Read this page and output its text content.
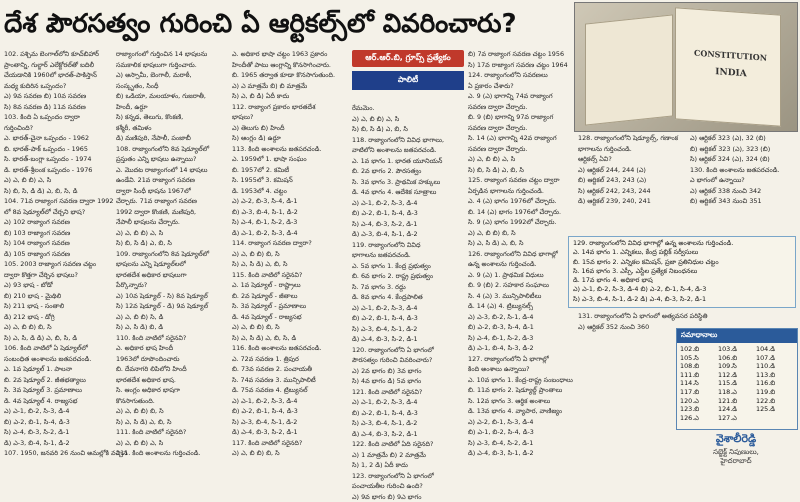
దేశ పౌరసత్వం గురించి ఏ ఆర్టికల్స్‌లో వివరించారు?
CONSTITUTION
INDIA

102. పశ్చిమ బెంగాల్‌లోని కూచ్‌బిహార్

ప్రాంతాన్ని, గుల్జార్ ఎలేక్టోరల్‌తో బదిలీ

చేయడానికి 1960లో భారత్-పాకిస్తాన్

మధ్య కుదిరిన ఒప్పందం?

ఎ) 9వ సవరణ బి) 10వ సవరణ

సి) 8వ సవరణ డి) 11వ సవరణ

103. కింది ఏ ఒప్పందం ద్వారా

గుర్తించింది?

ఎ. భారత్-చైనా ఒప్పందం - 1962

బి. భారత్-పాక్ ఒప్పందం - 1965

సి. భారత్-బంగ్లా ఒప్పందం - 1974

డి. భారత్-శ్రీలంక ఒప్పందం - 1976

ఎ) ఎ, బి బి) ఎ, సి

సి) బి, సి, డి డి) ఎ, బి, సి, డి

104. 71వ రాజ్యాంగ సవరణ ద్వారా 1992

లో 8వ షెడ్యూల్‌లో చేర్చని భాష?

ఎ) 102 రాజ్యాంగ సవరణ

బి) 103 రాజ్యాంగ సవరణ

సి) 104 రాజ్యాంగ సవరణ

డి) 105 రాజ్యాంగ సవరణ

105. 2003 రాజ్యాంగ సవరణ చట్టం

ద్వారా కొత్తగా చేర్చిన భాషలు?

ఎ) 93 భాష - బోడో

బి) 210 భాష - మైథిలి

సి) 211 భాష - సంతాలి

డి) 212 భాష - డోగ్రి

ఎ) ఎ, బి బి) బి, సి

సి) ఎ, సి, డి డి) ఎ, బి, సి, డి

106. కింది వాటిలో ఏ షెడ్యూల్‌లో

సంబంధిత అంశాలను జతపరచండి.

ఎ. 1వ షెడ్యూల్ 1. పాలనా

బి. 2వ షెడ్యూల్ 2. జీతభత్యాలు

సి. 3వ షెడ్యూల్ 3. ప్రమాణాలు

డి. 4వ షెడ్యూల్ 4. రాజ్యసభ

ఎ) ఎ-1, బి-2, సి-3, డి-4

బి) ఎ-2, బి-1, సి-4, డి-3

సి) ఎ-4, బి-3, సి-2, డి-1

డి) ఎ-3, బి-4, సి-1, డి-2

107. 1950, జనవరి 26 నుంచి అమల్లోకి వచ్చిన

రాజ్యాంగంలో గుర్తించిన 14 భాషలను

సమకాలిక భాషలుగా గుర్తించారు.

ఎ) అస్సామీ, బెంగాలీ, మరాఠీ,

సంస్కృతం, సింధీ

బి) ఒడియా, మలయాళం, గుజరాతీ,

హిందీ, ఉర్దూ

సి) కన్నడ, తెలుగు, కొంకణి,

కశ్మీరీ, తమిళం

డి) మణిపురి, నేపాలీ, పంజాబీ

108. రాజ్యాంగంలోని 8వ షెడ్యూల్‌లో

ప్రస్తుతం ఎన్ని భాషలు ఉన్నాయి?

ఎ. మొదట రాజ్యాంగంలో 14 భాషలు

ఉండేవి. 21వ రాజ్యాంగ సవరణ

ద్వారా సింధీ భాషను 1967లో

చేర్చారు. 71వ రాజ్యాంగ సవరణ

1992 ద్వారా కొంకణి, మణిపురి,

నేపాలీ భాషలను చేర్చారు.

ఎ) ఎ, బి బి) ఎ, సి

సి) బి, సి డి) ఎ, బి, సి

109. రాజ్యాంగంలోని 8వ షెడ్యూల్‌లో

భాషలను ఎన్ని షెడ్యూల్‌లలో

భారతదేశ అధికార భాషలుగా

పేర్కొన్నారు?

ఎ) 10వ షెడ్యూల్ - సి) 8వ షెడ్యూల్

సి) 12వ షెడ్యూల్ - డి) 9వ షెడ్యూల్

ఎ) ఎ, బి బి) సి, డి

సి) ఎ, సి డి) బి, డి

110. కింది వాటిలో సరైనవి?

ఎ. అధికార భాష హిందీ

1963లో రూపొందించారు

బి. దేవనాగరి లిపిలోని హిందీ

భారతదేశ అధికార భాష.

సి. ఆంగ్లం అధికార భాషగా

కొనసాగుతుంది.

ఎ) ఎ, బి బి) బి, సి

సి) ఎ, సి డి) ఎ, బి, సి

111. కింది వాటిలో సరైనది?

ఎ) ఎ, బి బి) ఎ, సి

111. కింది అంశాలను గుర్తించండి.

ఎ. అధికార భాషా చట్టం 1963 ప్రకారం

హిందీతో పాటు ఆంగ్లాన్ని కొనసాగించారు.

బి. 1965 తర్వాత కూడా కొనసాగుతుంది.

ఎ) ఎ మాత్రమే బి) బి మాత్రమే

సి) ఎ, బి డి) ఏదీ కాదు

112. రాజ్యాంగ ప్రకారం భారతదేశ

భాషలు?

ఎ) తెలుగు బి) హిందీ

సి) ఆంగ్లం డి) ఉర్దూ

113. కింది అంశాలను జతపరచండి.

ఎ. 1959లో 1. భాషా సంఘం

బి. 1957లో 2. కమిటీ

సి. 1955లో 3. కమిషన్

డి. 1953లో 4. చట్టం

ఎ) ఎ-2, బి-3, సి-4, డి-1

బి) ఎ-3, బి-4, సి-1, డి-2

సి) ఎ-4, బి-1, సి-2, డి-3

డి) ఎ-1, బి-2, సి-3, డి-4

114. రాజ్యాంగ సవరణ ద్వారా?

ఎ) ఎ, బి బి) బి, సి

సి) ఎ, సి డి) ఎ, బి, సి

115. కింది వాటిలో సరైనవి?

ఎ. 1వ షెడ్యూల్ - రాష్ట్రాలు

బి. 2వ షెడ్యూల్ - జీతాలు

సి. 3వ షెడ్యూల్ - ప్రమాణాలు

డి. 4వ షెడ్యూల్ - రాజ్యసభ

ఎ) ఎ, బి బి) బి, సి

సి) ఎ, సి డి) ఎ, బి, సి, డి

116. కింది అంశాలను జతపరచండి.

ఎ. 72వ సవరణ 1. త్రిపుర

బి. 73వ సవరణ 2. పంచాయతీ

సి. 74వ సవరణ 3. మున్సిపాలిటీ

డి. 75వ సవరణ 4. ట్రిబ్యునల్

ఎ) ఎ-1, బి-2, సి-3, డి-4

బి) ఎ-2, బి-1, సి-4, డి-3

సి) ఎ-3, బి-4, సి-1, డి-2

డి) ఎ-4, బి-3, సి-2, డి-1

117. కింది వాటిలో సరైనది?

ఎ) ఎ, బి బి) బి, సి

ఆర్.ఆర్.బి, గ్రూప్స్ ప్రత్యేకం
పాలిటీ

రేమమెం.

ఎ) ఎ, బి బి) ఎ, సి

సి) బి, సి డి) ఎ, బి, సి

118. రాజ్యాంగంలోని వివిధ భాగాలు,

వాటిలోని అంశాలను జతపరచండి.

ఎ. 1వ భాగం 1. భారత యూనియన్

బి. 2వ భాగం 2. పౌరసత్వం

సి. 3వ భాగం 3. ప్రాథమిక హక్కులు

డి. 4వ భాగం 4. ఆదేశిక సూత్రాలు

ఎ) ఎ-1, బి-2, సి-3, డి-4

బి) ఎ-2, బి-1, సి-4, డి-3

సి) ఎ-4, బి-3, సి-2, డి-1

డి) ఎ-3, బి-4, సి-1, డి-2

119. రాజ్యాంగంలోని వివిధ

భాగాలను జతపరచండి.

ఎ. 5వ భాగం 1. కేంద్ర ప్రభుత్వం

బి. 6వ భాగం 2. రాష్ట్ర ప్రభుత్వం

సి. 7వ భాగం 3. రద్దు

డి. 8వ భాగం 4. కేంద్రపాలిత

ఎ) ఎ-1, బి-2, సి-3, డి-4

బి) ఎ-2, బి-1, సి-4, డి-3

సి) ఎ-3, బి-4, సి-1, డి-2

డి) ఎ-4, బి-3, సి-2, డి-1

120. రాజ్యాంగంలోని ఏ భాగంలో

పౌరసత్వం గురించి వివరించారు?

ఎ) 2వ భాగం బి) 3వ భాగం

సి) 4వ భాగం డి) 5వ భాగం

121. కింది వాటిలో సరైనవి?

ఎ) ఎ-1, బి-2, సి-3, డి-4

బి) ఎ-2, బి-1, సి-4, డి-3

సి) ఎ-3, బి-4, సి-1, డి-2

డి) ఎ-4, బి-3, సి-2, డి-1

122. కింది వాటిలో ఏది సరైనది?

ఎ) 1 మాత్రమే బి) 2 మాత్రమే

సి) 1, 2 డి) ఏదీ కాదు

123. రాజ్యాంగంలోని ఏ భాగంలో

పంచాయతీల గురించి ఉంది?

ఎ) 9వ భాగం బి) 9ఎ భాగం

బి) 7వ రాజ్యాంగ సవరణ చట్టం 1956

సి) 17వ రాజ్యాంగ సవరణ చట్టం 1964

124. రాజ్యాంగంలోని సవరణలు

ఏ ప్రకారం చేశారు?

ఎ. 9 (ఎ) భాగాన్ని 74వ రాజ్యాంగ

సవరణ ద్వారా చేర్చారు.

బి. 9 (బి) భాగాన్ని 97వ రాజ్యాంగ

సవరణ ద్వారా చేర్చారు.

సి. 14 (ఎ) భాగాన్ని 42వ రాజ్యాంగ

సవరణ ద్వారా చేర్చారు.

ఎ) ఎ, బి బి) ఎ, సి

సి) బి, సి డి) ఎ, బి, సి

125. రాజ్యాంగ సవరణ చట్టం ద్వారా

ఏర్పడిన భాగాలను గుర్తించండి.

ఎ. 4 (ఎ) భాగం 1976లో చేర్చారు.

బి. 14 (ఎ) భాగం 1976లో చేర్చారు.

సి. 9 (ఎ) భాగం 1992లో చేర్చారు.

ఎ) ఎ, బి బి) బి, సి

సి) ఎ, సి డి) ఎ, బి, సి

126. రాజ్యాంగంలోని వివిధ భాగాల్లో

ఉన్న అంశాలను గుర్తించండి.

ఎ. 9 (ఎ) 1. ప్రాథమిక విధులు

బి. 9 (బి) 2. సహకార సంఘాలు

సి. 4 (ఎ) 3. మున్సిపాలిటీలు

డి. 14 (ఎ) 4. ట్రిబ్యునల్స్

ఎ) ఎ-3, బి-2, సి-1, డి-4

బి) ఎ-2, బి-3, సి-4, డి-1

సి) ఎ-4, బి-1, సి-2, డి-3

డి) ఎ-1, బి-4, సి-3, డి-2

127. రాజ్యాంగంలోని ఏ భాగాల్లో

కింది అంశాలు ఉన్నాయి?

ఎ. 10వ భాగం 1. కేంద్ర-రాష్ట్ర సంబంధాలు

బి. 11వ భాగం 2. షెడ్యూల్డ్ ప్రాంతాలు

సి. 12వ భాగం 3. ఆర్థిక అంశాలు

డి. 13వ భాగం 4. వ్యాపార, వాణిజ్యం

ఎ) ఎ-2, బి-1, సి-3, డి-4

బి) ఎ-1, బి-2, సి-4, డి-3

సి) ఎ-3, బి-4, సి-2, డి-1

డి) ఎ-4, బి-3, సి-1, డి-2

128. రాజ్యాంగంలోని షెడ్యూల్స్, గణాంక

భాగాలను గుర్తించండి.

ఆర్టికల్స్ ఏవి?

ఎ) ఆర్టికల్ 244, 244 (ఎ)

బి) ఆర్టికల్ 243, 243 (ఎ)

సి) ఆర్టికల్ 242, 243, 244

డి) ఆర్టికల్ 239, 240, 241

ఎ) ఆర్టికల్ 323 (ఎ), 32 (బి)

బి) ఆర్టికల్ 323 (ఎ), 323 (బి)

సి) ఆర్టికల్ 324 (ఎ), 324 (బి)

130. కింది అంశాలను జతపరచండి.

ఎ భాగంలో ఉన్నాయి?

ఎ) ఆర్టికల్ 338 నుంచి 342

బి) ఆర్టికల్ 343 నుంచి 351

129. రాజ్యాంగంలోని వివిధ భాగాల్లో ఉన్న అంశాలను గుర్తించండి.

ఎ. 14వ భాగం 1. ఎన్నికలు, కేంద్ర పబ్లిక్ సర్వీసులు

బి. 15వ భాగం 2. ఎన్నికల కమిషన్, ప్రజా ప్రతినిధుల చట్టం

సి. 16వ భాగం 3. ఎస్సీ, ఎస్టీల ప్రత్యేక నిబంధనలు

డి. 17వ భాగం 4. అధికార భాష

ఎ) ఎ-1, బి-2, సి-3, డి-4 బి) ఎ-2, బి-1, సి-4, డి-3

సి) ఎ-3, బి-4, సి-1, డి-2 డి) ఎ-4, బి-3, సి-2, డి-1

131. రాజ్యాంగంలోని ఏ భాగంలో అత్యవసర పరిస్థితి

ఎ) ఆర్టికల్ 352 నుంచి 360

సమాధానాలు
102.బి	103.డి	104.డి
105.సి	106.బి	107.డి
108.బి	109.సి	110.డి
111.బి	112.డి	113.బి
114.సి	115.డి	116.బి
117.బి	118.ఎ	119.బి
120.ఎ	121.బి	122.బి
123.బి	124.డి	125.డి
126.ఎ	127.ఎ
వైశాలీరెడ్డి
సబ్జెక్ట్ నిపుణులు,
హైదరాబాద్
